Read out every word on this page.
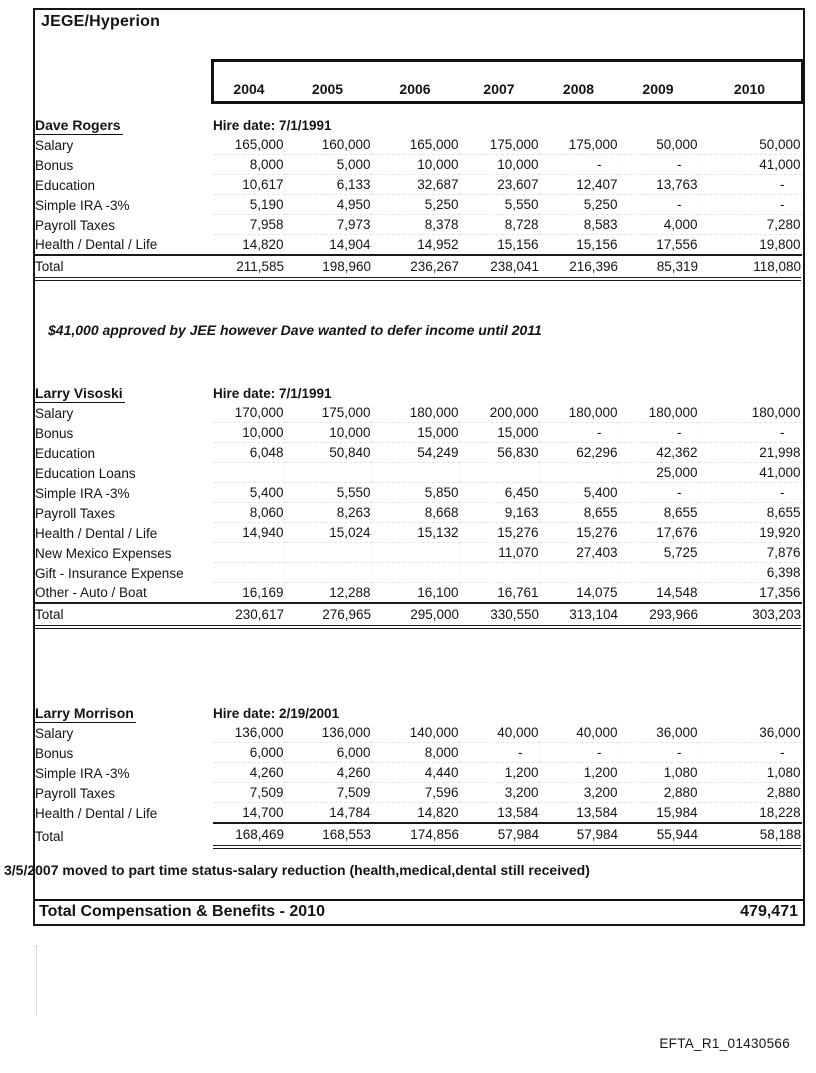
JEGE/Hyperion
2004	2005	2006	2007	2008	2009	2010
Dave Rogers	Hire date: 7/1/1991						
Salary	165,000	160,000	165,000	175,000	175,000	50,000	50,000
Bonus	8,000	5,000	10,000	10,000	-	-	41,000
Education	10,617	6,133	32,687	23,607	12,407	13,763	-
Simple IRA -3%	5,190	4,950	5,250	5,550	5,250	-	-
Payroll Taxes	7,958	7,973	8,378	8,728	8,583	4,000	7,280
Health / Dental / Life	14,820	14,904	14,952	15,156	15,156	17,556	19,800
Total	211,585	198,960	236,267	238,041	216,396	85,319	118,080

$41,000 approved by JEE however Dave wanted to defer income until 2011

Larry Visoski	Hire date: 7/1/1991						
Salary	170,000	175,000	180,000	200,000	180,000	180,000	180,000
Bonus	10,000	10,000	15,000	15,000	-	-	-
Education	6,048	50,840	54,249	56,830	62,296	42,362	21,998
Education Loans						25,000	41,000
Simple IRA -3%	5,400	5,550	5,850	6,450	5,400	-	-
Payroll Taxes	8,060	8,263	8,668	9,163	8,655	8,655	8,655
Health / Dental / Life	14,940	15,024	15,132	15,276	15,276	17,676	19,920
New Mexico Expenses				11,070	27,403	5,725	7,876
Gift - Insurance Expense							6,398
Other - Auto / Boat	16,169	12,288	16,100	16,761	14,075	14,548	17,356
Total	230,617	276,965	295,000	330,550	313,104	293,966	303,203
Larry Morrison	Hire date: 2/19/2001						
Salary	136,000	136,000	140,000	40,000	40,000	36,000	36,000
Bonus	6,000	6,000	8,000	-	-	-	-
Simple IRA -3%	4,260	4,260	4,440	1,200	1,200	1,080	1,080
Payroll Taxes	7,509	7,509	7,596	3,200	3,200	2,880	2,880
Health / Dental / Life	14,700	14,784	14,820	13,584	13,584	15,984	18,228
Total	168,469	168,553	174,856	57,984	57,984	55,944	58,188

3/5/2007 moved to part time status-salary reduction (health,medical,dental still received)

Total Compensation & Benefits - 2010	479,471
EFTA_R1_01430566
